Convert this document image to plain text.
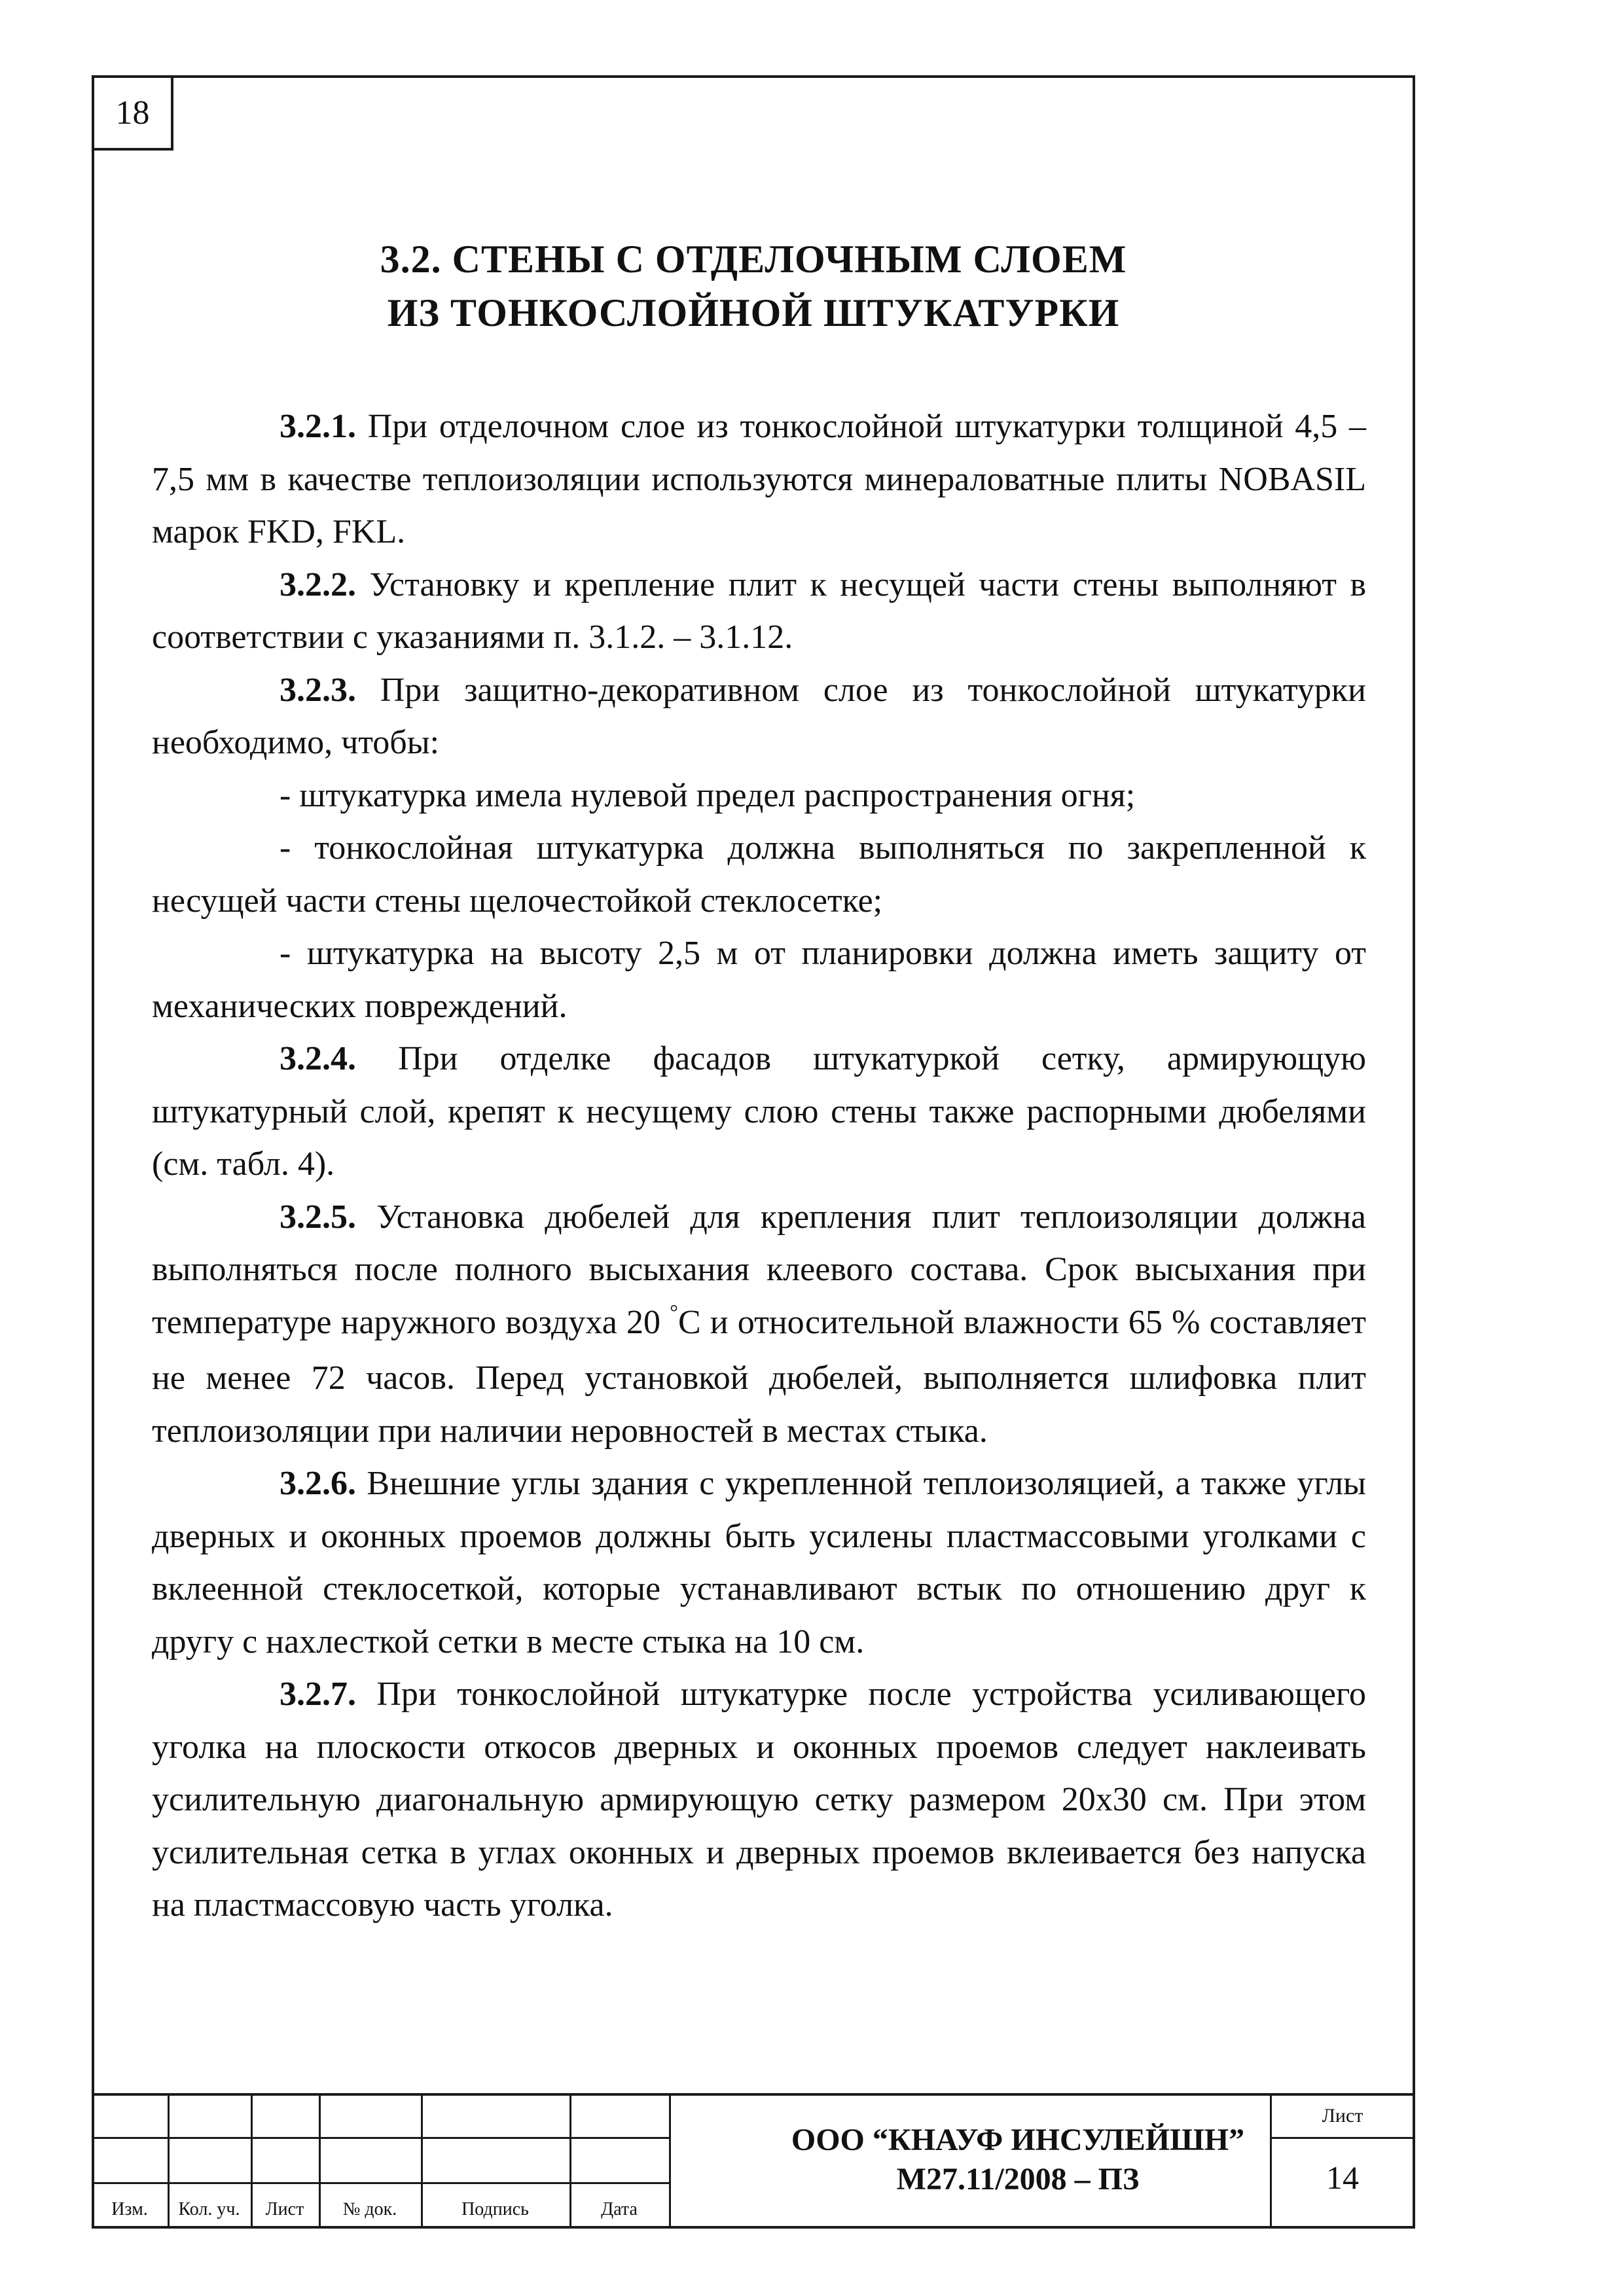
18
3.2. СТЕНЫ С ОТДЕЛОЧНЫМ СЛОЕМ
ИЗ ТОНКОСЛОЙНОЙ ШТУКАТУРКИ

3.2.1. При отделочном слое из тонкослойной штукатурки толщиной 4,5 – 7,5 мм в качестве теплоизоляции используются минераловатные плиты NOBASIL марок FKD, FKL.

3.2.2. Установку и крепление плит к несущей части стены выполняют в соответствии с указаниями п. 3.1.2. – 3.1.12.

3.2.3. При защитно-декоративном слое из тонкослойной штукатурки необходимо, чтобы:

- штукатурка имела нулевой предел распространения огня;

- тонкослойная штукатурка должна выполняться по закрепленной к несущей части стены щелочестойкой стеклосетке;

- штукатурка на высоту 2,5 м от планировки должна иметь защиту от механических повреждений.

3.2.4. При отделке фасадов штукатуркой сетку, армирующую штукатурный слой, крепят к несущему слою стены также распорными дюбелями (см. табл. 4).

3.2.5. Установка дюбелей для крепления плит теплоизоляции должна выполняться после полного высыхания клеевого состава. Срок высыхания при температуре наружного воздуха 20 °С и относительной влажности 65 % составляет не менее 72 часов. Перед установкой дюбелей, выполняется шлифовка плит теплоизоляции при наличии неровностей в местах стыка.

3.2.6. Внешние углы здания с укрепленной теплоизоляцией, а также углы дверных и оконных проемов должны быть усилены пластмассовыми уголками с вклеенной стеклосеткой, которые устанавливают встык по отношению друг к другу с нахлесткой сетки в месте стыка на 10 см.

3.2.7. При тонкослойной штукатурке после устройства усиливающего уголка на плоскости откосов дверных и оконных проемов следует наклеивать усилительную диагональную армирующую сетку размером 20х30 см. При этом усилительная сетка в углах оконных и дверных проемов вклеивается без напуска на пластмассовую часть уголка.

Изм.	Кол. уч.	Лист	№ док.	Подпись	Дата
ООО “КНАУФ ИНСУЛЕЙШН”
М27.11/2008 – ПЗ
Лист
14
